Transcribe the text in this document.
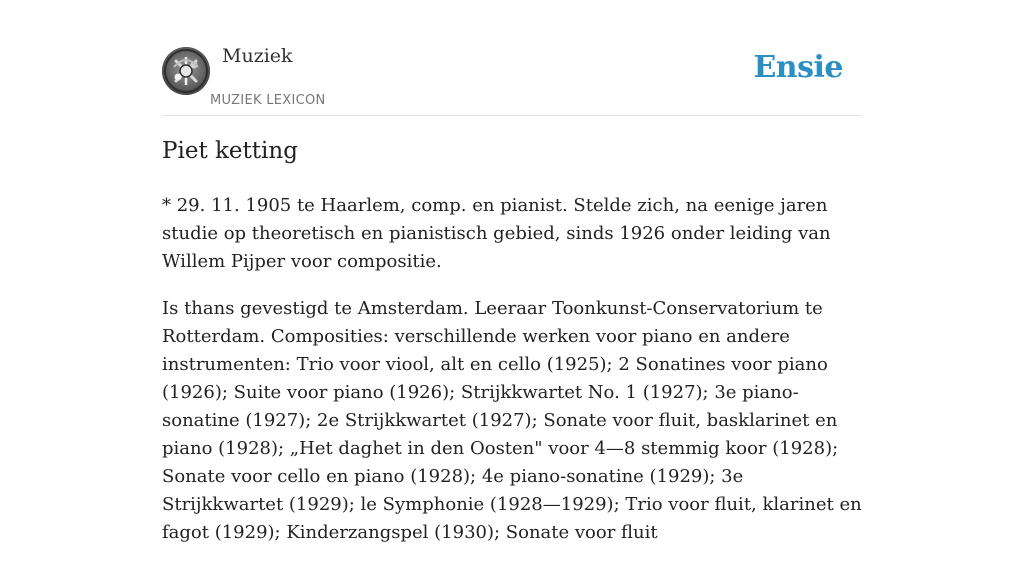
Muziek
MUZIEK LEXICON
Ensie
Piet ketting

* 29. 11. 1905 te Haarlem, comp. en pianist. Stelde zich, na eenige jaren studie op theoretisch en pianistisch gebied, sinds 1926 onder leiding van Willem Pijper voor compositie.

Is thans gevestigd te Amsterdam. Leeraar Toonkunst-Conservatorium te Rotterdam. Composities: verschillende werken voor piano en andere instrumenten: Trio voor viool, alt en cello (1925); 2 Sonatines voor piano (1926); Suite voor piano (1926); Strijkkwartet No. 1 (1927); 3e piano-sonatine (1927); 2e Strijkkwartet (1927); Sonate voor fluit, basklarinet en piano (1928); „Het daghet in den Oosten" voor 4—8 stemmig koor (1928); Sonate voor cello en piano (1928); 4e piano-sonatine (1929); 3e Strijkkwartet (1929); le Symphonie (1928—1929); Trio voor fluit, klarinet en fagot (1929); Kinderzangspel (1930); Sonate voor fluit
